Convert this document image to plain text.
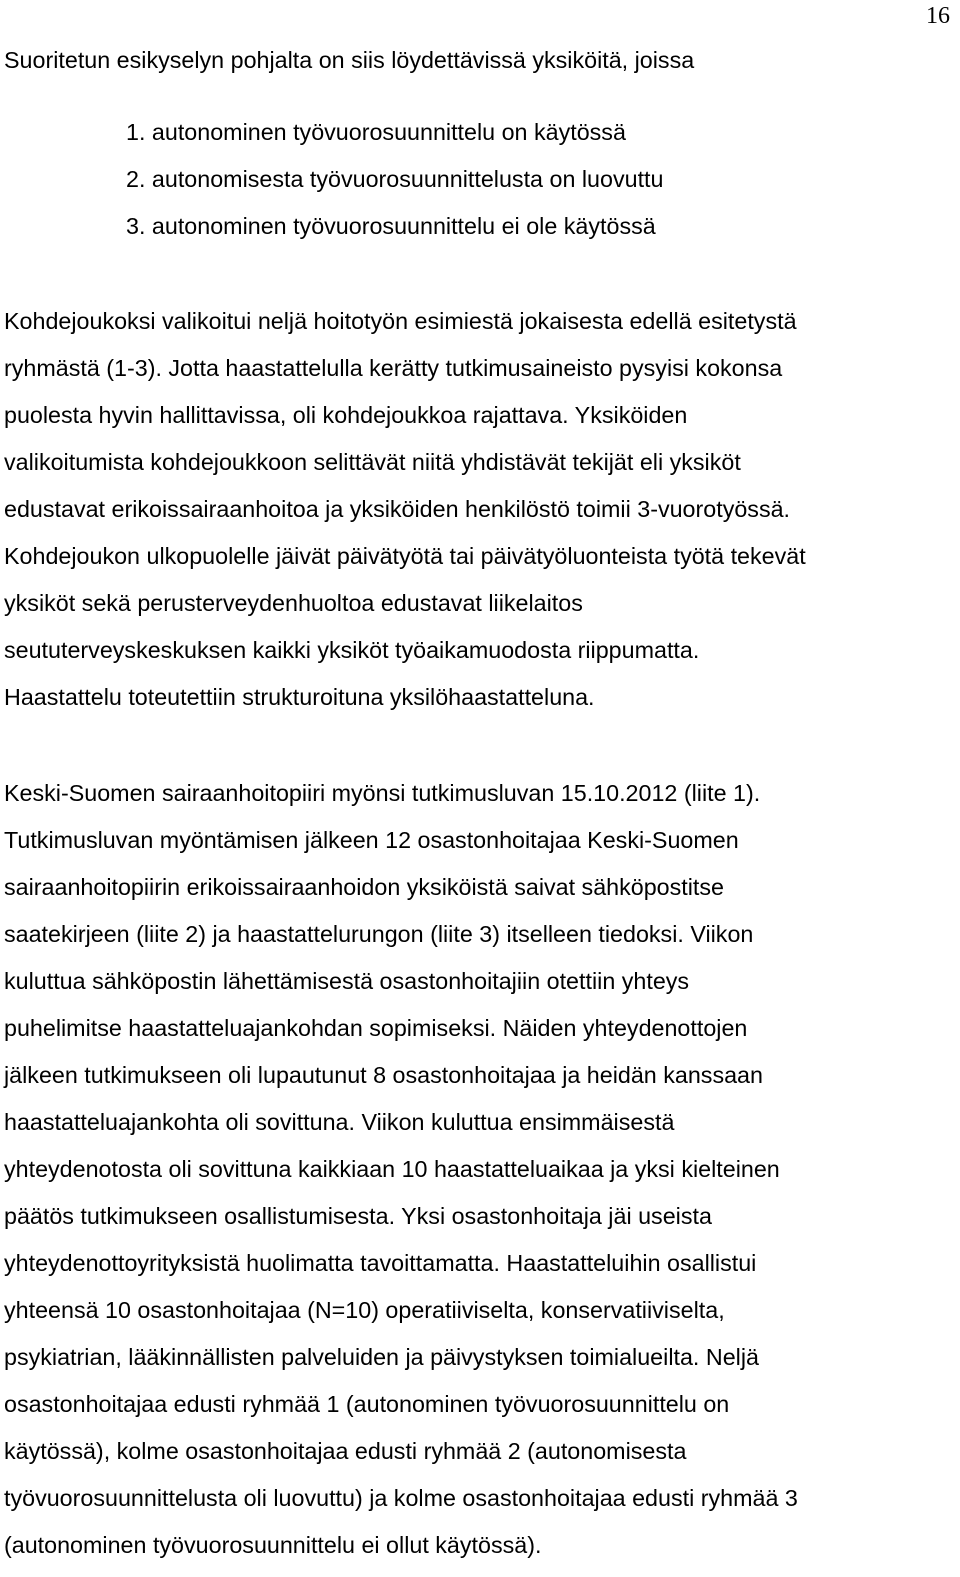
16
Suoritetun esikyselyn pohjalta on siis löydettävissä yksiköitä, joissa
1. autonominen työvuorosuunnittelu on käytössä
2. autonomisesta työvuorosuunnittelusta on luovuttu
3. autonominen työvuorosuunnittelu ei ole käytössä
Kohdejoukoksi valikoitui neljä hoitotyön esimiestä jokaisesta edellä esitetystä
ryhmästä (1-3). Jotta haastattelulla kerätty tutkimusaineisto pysyisi kokonsa
puolesta hyvin hallittavissa, oli kohdejoukkoa rajattava. Yksiköiden
valikoitumista kohdejoukkoon selittävät niitä yhdistävät tekijät eli yksiköt
edustavat erikoissairaanhoitoa ja yksiköiden henkilöstö toimii 3-vuorotyössä.
Kohdejoukon ulkopuolelle jäivät päivätyötä tai päivätyöluonteista työtä tekevät
yksiköt sekä perusterveydenhuoltoa edustavat liikelaitos
seututerveyskeskuksen kaikki yksiköt työaikamuodosta riippumatta.
Haastattelu toteutettiin strukturoituna yksilöhaastatteluna.
Keski-Suomen sairaanhoitopiiri myönsi tutkimusluvan 15.10.2012 (liite 1).
Tutkimusluvan myöntämisen jälkeen 12 osastonhoitajaa Keski-Suomen
sairaanhoitopiirin erikoissairaanhoidon yksiköistä saivat sähköpostitse
saatekirjeen (liite 2) ja haastattelurungon (liite 3) itselleen tiedoksi. Viikon
kuluttua sähköpostin lähettämisestä osastonhoitajiin otettiin yhteys
puhelimitse haastatteluajankohdan sopimiseksi. Näiden yhteydenottojen
jälkeen tutkimukseen oli lupautunut 8 osastonhoitajaa ja heidän kanssaan
haastatteluajankohta oli sovittuna. Viikon kuluttua ensimmäisestä
yhteydenotosta oli sovittuna kaikkiaan 10 haastatteluaikaa ja yksi kielteinen
päätös tutkimukseen osallistumisesta. Yksi osastonhoitaja jäi useista
yhteydenottoyrityksistä huolimatta tavoittamatta. Haastatteluihin osallistui
yhteensä 10 osastonhoitajaa (N=10) operatiiviselta, konservatiiviselta,
psykiatrian, lääkinnällisten palveluiden ja päivystyksen toimialueilta. Neljä
osastonhoitajaa edusti ryhmää 1 (autonominen työvuorosuunnittelu on
käytössä), kolme osastonhoitajaa edusti ryhmää 2 (autonomisesta
työvuorosuunnittelusta oli luovuttu) ja kolme osastonhoitajaa edusti ryhmää 3
(autonominen työvuorosuunnittelu ei ollut käytössä).
